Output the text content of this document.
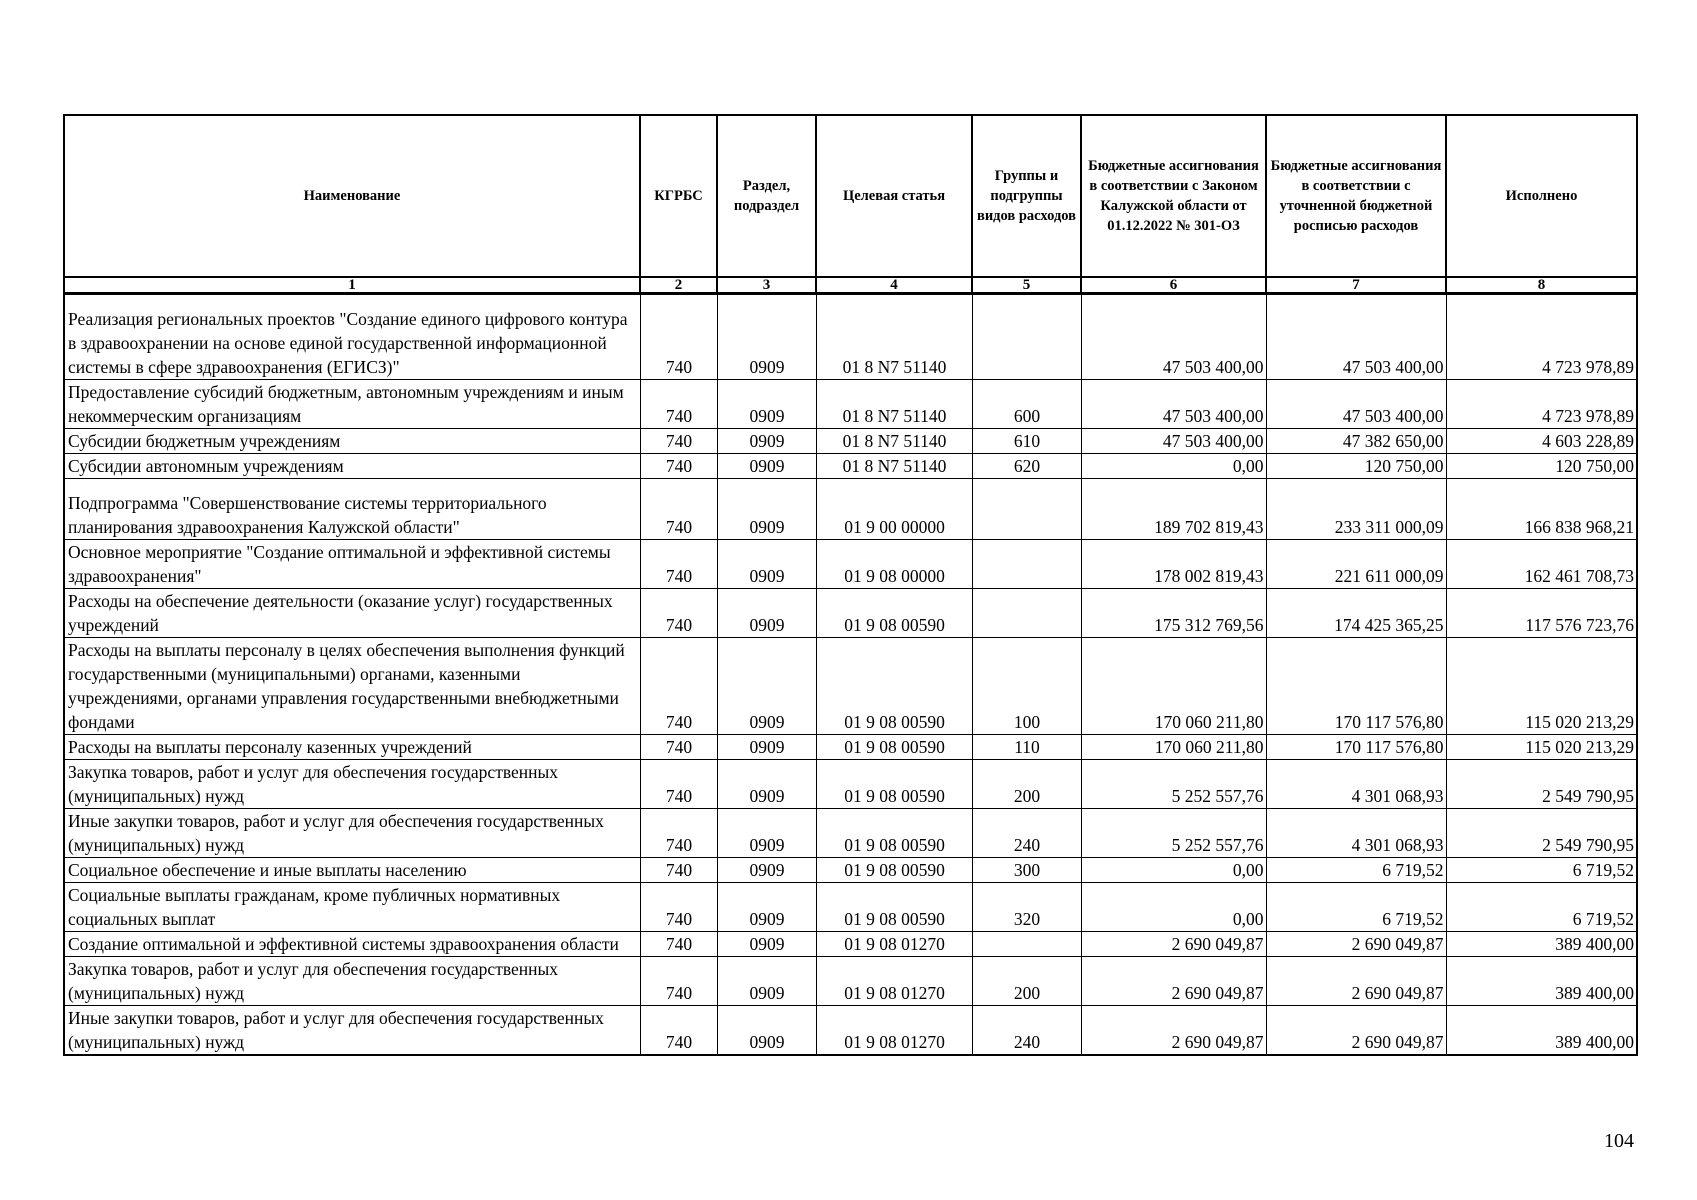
Наименование	КГРБС	Раздел, подраздел	Целевая статья	Группы и подгруппы видов расходов	Бюджетные ассигнования в соответствии с Законом Калужской области от 01.12.2022 № 301-ОЗ	Бюджетные ассигнования в соответствии с уточненной бюджетной росписью расходов	Исполнено
1	2	3	4	5	6	7	8
Реализация региональных проектов "Создание единого цифрового контура в здравоохранении на основе единой государственной информационной системы в сфере здравоохранения (ЕГИСЗ)"	740	0909	01 8 N7 51140		47 503 400,00	47 503 400,00	4 723 978,89
Предоставление субсидий бюджетным, автономным учреждениям и иным некоммерческим организациям	740	0909	01 8 N7 51140	600	47 503 400,00	47 503 400,00	4 723 978,89
Субсидии бюджетным учреждениям	740	0909	01 8 N7 51140	610	47 503 400,00	47 382 650,00	4 603 228,89
Субсидии автономным учреждениям	740	0909	01 8 N7 51140	620	0,00	120 750,00	120 750,00
Подпрограмма "Совершенствование системы территориального планирования здравоохранения Калужской области"	740	0909	01 9 00 00000		189 702 819,43	233 311 000,09	166 838 968,21
Основное мероприятие "Создание оптимальной и эффективной системы здравоохранения"	740	0909	01 9 08 00000		178 002 819,43	221 611 000,09	162 461 708,73
Расходы на обеспечение деятельности (оказание услуг) государственных учреждений	740	0909	01 9 08 00590		175 312 769,56	174 425 365,25	117 576 723,76
Расходы на выплаты персоналу в целях обеспечения выполнения функций государственными (муниципальными) органами, казенными учреждениями, органами управления государственными внебюджетными фондами	740	0909	01 9 08 00590	100	170 060 211,80	170 117 576,80	115 020 213,29
Расходы на выплаты персоналу казенных учреждений	740	0909	01 9 08 00590	110	170 060 211,80	170 117 576,80	115 020 213,29
Закупка товаров, работ и услуг для обеспечения государственных (муниципальных) нужд	740	0909	01 9 08 00590	200	5 252 557,76	4 301 068,93	2 549 790,95
Иные закупки товаров, работ и услуг для обеспечения государственных (муниципальных) нужд	740	0909	01 9 08 00590	240	5 252 557,76	4 301 068,93	2 549 790,95
Социальное обеспечение и иные выплаты населению	740	0909	01 9 08 00590	300	0,00	6 719,52	6 719,52
Социальные выплаты гражданам, кроме публичных нормативных социальных выплат	740	0909	01 9 08 00590	320	0,00	6 719,52	6 719,52
Создание оптимальной и эффективной системы здравоохранения области	740	0909	01 9 08 01270		2 690 049,87	2 690 049,87	389 400,00
Закупка товаров, работ и услуг для обеспечения государственных (муниципальных) нужд	740	0909	01 9 08 01270	200	2 690 049,87	2 690 049,87	389 400,00
Иные закупки товаров, работ и услуг для обеспечения государственных (муниципальных) нужд	740	0909	01 9 08 01270	240	2 690 049,87	2 690 049,87	389 400,00
104
